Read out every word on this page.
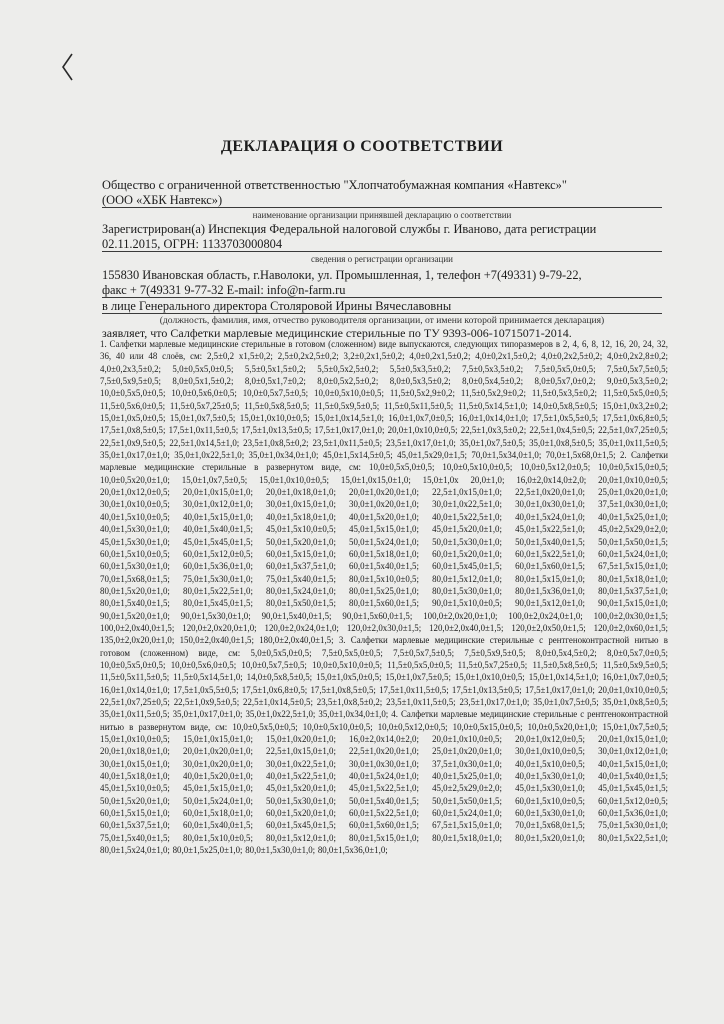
ДЕКЛАРАЦИЯ О СООТВЕТСТВИИ
Общество с ограниченной ответственностью "Хлопчатобумажная компания «Навтекс»"
(ООО «ХБК Навтекс»)
наименование организации принявшей декларацию о соответствии
Зарегистрирован(а) Инспекция Федеральной налоговой службы г. Иваново, дата регистрации
02.11.2015, ОГРН: 1133703000804
сведения о регистрации организации
155830 Ивановская область, г.Наволоки, ул. Промышленная, 1, телефон +7(49331) 9-79-22,
факс + 7(49331 9-77-32 E-mail: info@n-farm.ru
в лице Генерального директора Столяровой Ирины Вячеславовны
(должность, фамилия, имя, отчество руководителя организации, от имени которой принимается декларация)
заявляет, что Салфетки марлевые медицинские стерильные по ТУ 9393-006-10715071-2014.

1. Салфетки марлевые медицинские стерильные в готовом (сложенном) виде выпускаются, следующих типоразмеров в 2, 4, 6, 8, 12, 16, 20, 24, 32, 36, 40 или 48 слоёв, см: 2,5±0,2 х1,5±0,2; 2,5±0,2х2,5±0,2; 3,2±0,2х1,5±0,2; 4,0±0,2х1,5±0,2; 4,0±0,2х1,5±0,2; 4,0±0,2х2,5±0,2; 4,0±0,2х2,8±0,2; 4,0±0,2х3,5±0,2; 5,0±0,5х5,0±0,5; 5,5±0,5х1,5±0,2; 5,5±0,5х2,5±0,2; 5,5±0,5х3,5±0,2; 7,5±0,5х3,5±0,2; 7,5±0,5х5,0±0,5; 7,5±0,5х7,5±0,5; 7,5±0,5х9,5±0,5; 8,0±0,5х1,5±0,2; 8,0±0,5х1,7±0,2; 8,0±0,5х2,5±0,2; 8,0±0,5х3,5±0,2; 8,0±0,5х4,5±0,2; 8,0±0,5х7,0±0,2; 9,0±0,5х3,5±0,2; 10,0±0,5х5,0±0,5; 10,0±0,5х6,0±0,5; 10,0±0,5х7,5±0,5; 10,0±0,5х10,0±0,5; 11,5±0,5х2,9±0,2; 11,5±0,5х2,9±0,2; 11,5±0,5х3,5±0,2; 11,5±0,5х5,0±0,5; 11,5±0,5х6,0±0,5; 11,5±0,5х7,25±0,5; 11,5±0,5х8,5±0,5; 11,5±0,5х9,5±0,5; 11,5±0,5х11,5±0,5; 11,5±0,5х14,5±1,0; 14,0±0,5х8,5±0,5; 15,0±1,0х3,2±0,2; 15,0±1,0х5,0±0,5; 15,0±1,0х7,5±0,5; 15,0±1,0х10,0±0,5; 15,0±1,0х14,5±1,0; 16,0±1,0х7,0±0,5; 16,0±1,0х14,0±1,0; 17,5±1,0х5,5±0,5; 17,5±1,0х6,8±0,5; 17,5±1,0х8,5±0,5; 17,5±1,0х11,5±0,5; 17,5±1,0х13,5±0,5; 17,5±1,0х17,0±1,0; 20,0±1,0х10,0±0,5; 22,5±1,0х3,5±0,2; 22,5±1,0х4,5±0,5; 22,5±1,0х7,25±0,5; 22,5±1,0х9,5±0,5; 22,5±1,0х14,5±1,0; 23,5±1,0х8,5±0,2; 23,5±1,0х11,5±0,5; 23,5±1,0х17,0±1,0; 35,0±1,0х7,5±0,5; 35,0±1,0х8,5±0,5; 35,0±1,0х11,5±0,5; 35,0±1,0х17,0±1,0; 35,0±1,0х22,5±1,0; 35,0±1,0х34,0±1,0; 45,0±1,5х14,5±0,5; 45,0±1,5х29,0±1,5; 70,0±1,5х34,0±1,0; 70,0±1,5х68,0±1,5; 2. Салфетки марлевые медицинские стерильные в развернутом виде, см: 10,0±0,5х5,0±0,5; 10,0±0,5х10,0±0,5; 10,0±0,5х12,0±0,5; 10,0±0,5х15,0±0,5; 10,0±0,5х20,0±1,0; 15,0±1,0х7,5±0,5; 15,0±1,0х10,0±0,5; 15,0±1,0х15,0±1,0; 15,0±1,0х 20,0±1,0; 16,0±2,0х14,0±2,0; 20,0±1,0х10,0±0,5; 20,0±1,0х12,0±0,5; 20,0±1,0х15,0±1,0; 20,0±1,0х18,0±1,0; 20,0±1,0х20,0±1,0; 22,5±1,0х15,0±1,0; 22,5±1,0х20,0±1,0; 25,0±1,0х20,0±1,0; 30,0±1,0х10,0±0,5; 30,0±1,0х12,0±1,0; 30,0±1,0х15,0±1,0; 30,0±1,0х20,0±1,0; 30,0±1,0х22,5±1,0; 30,0±1,0х30,0±1,0; 37,5±1,0х30,0±1,0; 40,0±1,5х10,0±0,5; 40,0±1,5х15,0±1,0; 40,0±1,5х18,0±1,0; 40,0±1,5х20,0±1,0; 40,0±1,5х22,5±1,0; 40,0±1,5х24,0±1,0; 40,0±1,5х25,0±1,0; 40,0±1,5х30,0±1,0; 40,0±1,5х40,0±1,5; 45,0±1,5х10,0±0,5; 45,0±1,5х15,0±1,0; 45,0±1,5х20,0±1,0; 45,0±1,5х22,5±1,0; 45,0±2,5х29,0±2,0; 45,0±1,5х30,0±1,0; 45,0±1,5х45,0±1,5; 50,0±1,5х20,0±1,0; 50,0±1,5х24,0±1,0; 50,0±1,5х30,0±1,0; 50,0±1,5х40,0±1,5; 50,0±1,5х50,0±1,5; 60,0±1,5х10,0±0,5; 60,0±1,5х12,0±0,5; 60,0±1,5х15,0±1,0; 60,0±1,5х18,0±1,0; 60,0±1,5х20,0±1,0; 60,0±1,5х22,5±1,0; 60,0±1,5х24,0±1,0; 60,0±1,5х30,0±1,0; 60,0±1,5х36,0±1,0; 60,0±1,5х37,5±1,0; 60,0±1,5х40,0±1,5; 60,0±1,5х45,0±1,5; 60,0±1,5х60,0±1,5; 67,5±1,5х15,0±1,0; 70,0±1,5х68,0±1,5; 75,0±1,5х30,0±1,0; 75,0±1,5х40,0±1,5; 80,0±1,5х10,0±0,5; 80,0±1,5х12,0±1,0; 80,0±1,5х15,0±1,0; 80,0±1,5х18,0±1,0; 80,0±1,5х20,0±1,0; 80,0±1,5х22,5±1,0; 80,0±1,5х24,0±1,0; 80,0±1,5х25,0±1,0; 80,0±1,5х30,0±1,0; 80,0±1,5х36,0±1,0; 80,0±1,5х37,5±1,0; 80,0±1,5х40,0±1,5; 80,0±1,5х45,0±1,5; 80,0±1,5х50,0±1,5; 80,0±1,5х60,0±1,5; 90,0±1,5х10,0±0,5; 90,0±1,5х12,0±1,0; 90,0±1,5х15,0±1,0; 90,0±1,5х20,0±1,0; 90,0±1,5х30,0±1,0; 90,0±1,5х40,0±1,5; 90,0±1,5х60,0±1,5; 100,0±2,0х20,0±1,0; 100,0±2,0х24,0±1,0; 100,0±2,0х30,0±1,5; 100,0±2,0х40,0±1,5; 120,0±2,0х20,0±1,0; 120,0±2,0х24,0±1,0; 120,0±2,0х30,0±1,5; 120,0±2,0х40,0±1,5; 120,0±2,0х50,0±1,5; 120,0±2,0х60,0±1,5; 135,0±2,0х20,0±1,0; 150,0±2,0х40,0±1,5; 180,0±2,0х40,0±1,5; 3. Салфетки марлевые медицинские стерильные с рентгеноконтрастной нитью в готовом (сложенном) виде, см: 5,0±0,5х5,0±0,5; 7,5±0,5х5,0±0,5; 7,5±0,5х7,5±0,5; 7,5±0,5х9,5±0,5; 8,0±0,5х4,5±0,2; 8,0±0,5х7,0±0,5; 10,0±0,5х5,0±0,5; 10,0±0,5х6,0±0,5; 10,0±0,5х7,5±0,5; 10,0±0,5х10,0±0,5; 11,5±0,5х5,0±0,5; 11,5±0,5х7,25±0,5; 11,5±0,5х8,5±0,5; 11,5±0,5х9,5±0,5; 11,5±0,5х11,5±0,5; 11,5±0,5х14,5±1,0; 14,0±0,5х8,5±0,5; 15,0±1,0х5,0±0,5; 15,0±1,0х7,5±0,5; 15,0±1,0х10,0±0,5; 15,0±1,0х14,5±1,0; 16,0±1,0х7,0±0,5; 16,0±1,0х14,0±1,0; 17,5±1,0х5,5±0,5; 17,5±1,0х6,8±0,5; 17,5±1,0х8,5±0,5; 17,5±1,0х11,5±0,5; 17,5±1,0х13,5±0,5; 17,5±1,0х17,0±1,0; 20,0±1,0х10,0±0,5; 22,5±1,0х7,25±0,5; 22,5±1,0х9,5±0,5; 22,5±1,0х14,5±0,5; 23,5±1,0х8,5±0,2; 23,5±1,0х11,5±0,5; 23,5±1,0х17,0±1,0; 35,0±1,0х7,5±0,5; 35,0±1,0х8,5±0,5; 35,0±1,0х11,5±0,5; 35,0±1,0х17,0±1,0; 35,0±1,0х22,5±1,0; 35,0±1,0х34,0±1,0; 4. Салфетки марлевые медицинские стерильные с рентгеноконтрастной нитью в развернутом виде, см: 10,0±0,5х5,0±0,5; 10,0±0,5х10,0±0,5; 10,0±0,5х12,0±0,5; 10,0±0,5х15,0±0,5; 10,0±0,5х20,0±1,0; 15,0±1,0х7,5±0,5; 15,0±1,0х10,0±0,5; 15,0±1,0х15,0±1,0; 15,0±1,0х20,0±1,0; 16,0±2,0х14,0±2,0; 20,0±1,0х10,0±0,5; 20,0±1,0х12,0±0,5; 20,0±1,0х15,0±1,0; 20,0±1,0х18,0±1,0; 20,0±1,0х20,0±1,0; 22,5±1,0х15,0±1,0; 22,5±1,0х20,0±1,0; 25,0±1,0х20,0±1,0; 30,0±1,0х10,0±0,5; 30,0±1,0х12,0±1,0; 30,0±1,0х15,0±1,0; 30,0±1,0х20,0±1,0; 30,0±1,0х22,5±1,0; 30,0±1,0х30,0±1,0; 37,5±1,0х30,0±1,0; 40,0±1,5х10,0±0,5; 40,0±1,5х15,0±1,0; 40,0±1,5х18,0±1,0; 40,0±1,5х20,0±1,0; 40,0±1,5х22,5±1,0; 40,0±1,5х24,0±1,0; 40,0±1,5х25,0±1,0; 40,0±1,5х30,0±1,0; 40,0±1,5х40,0±1,5; 45,0±1,5х10,0±0,5; 45,0±1,5х15,0±1,0; 45,0±1,5х20,0±1,0; 45,0±1,5х22,5±1,0; 45,0±2,5х29,0±2,0; 45,0±1,5х30,0±1,0; 45,0±1,5х45,0±1,5; 50,0±1,5х20,0±1,0; 50,0±1,5х24,0±1,0; 50,0±1,5х30,0±1,0; 50,0±1,5х40,0±1,5; 50,0±1,5х50,0±1,5; 60,0±1,5х10,0±0,5; 60,0±1,5х12,0±0,5; 60,0±1,5х15,0±1,0; 60,0±1,5х18,0±1,0; 60,0±1,5х20,0±1,0; 60,0±1,5х22,5±1,0; 60,0±1,5х24,0±1,0; 60,0±1,5х30,0±1,0; 60,0±1,5х36,0±1,0; 60,0±1,5х37,5±1,0; 60,0±1,5х40,0±1,5; 60,0±1,5х45,0±1,5; 60,0±1,5х60,0±1,5; 67,5±1,5х15,0±1,0; 70,0±1,5х68,0±1,5; 75,0±1,5х30,0±1,0; 75,0±1,5х40,0±1,5; 80,0±1,5х10,0±0,5; 80,0±1,5х12,0±1,0; 80,0±1,5х15,0±1,0; 80,0±1,5х18,0±1,0; 80,0±1,5х20,0±1,0; 80,0±1,5х22,5±1,0; 80,0±1,5х24,0±1,0; 80,0±1,5х25,0±1,0; 80,0±1,5х30,0±1,0; 80,0±1,5х36,0±1,0;
